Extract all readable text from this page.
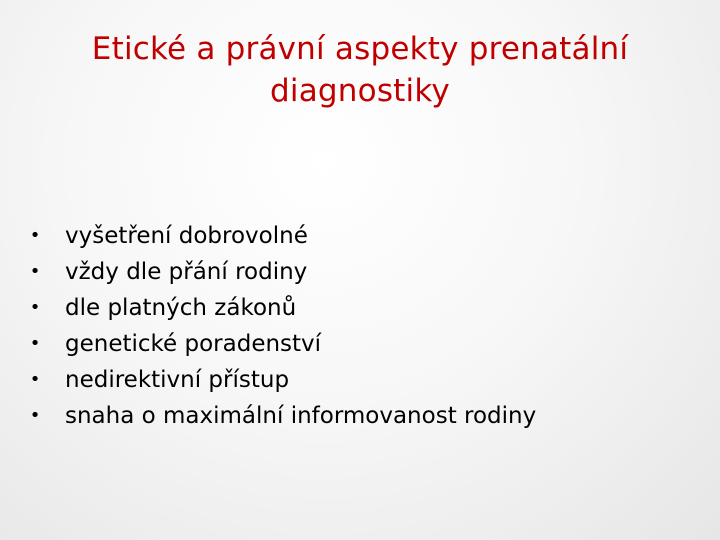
Etické a právní aspekty prenatální
diagnostiky
• vyšetření dobrovolné
• vždy dle přání rodiny
• dle platných zákonů
• genetické poradenství
• nedirektivní přístup
• snaha o maximální informovanost rodiny
